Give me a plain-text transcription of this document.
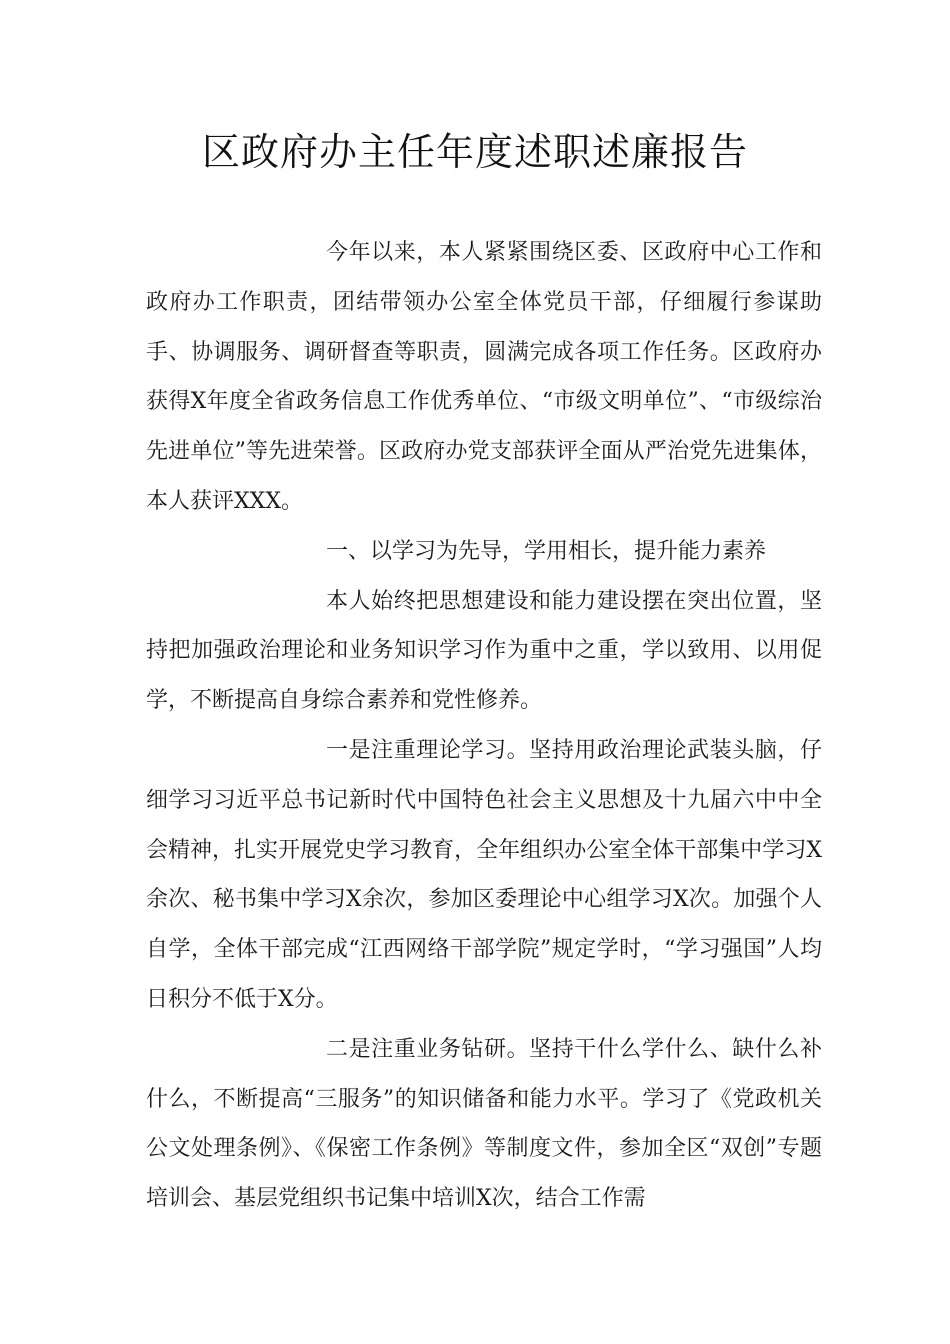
区政府办主任年度述职述廉报告

今年以来，本人紧紧围绕区委、区政府中心工作和政府办工作职责，团结带领办公室全体党员干部，仔细履行参谋助手、协调服务、调研督查等职责，圆满完成各项工作任务。区政府办获得X年度全省政务信息工作优秀单位、“市级文明单位”、“市级综治先进单位”等先进荣誉。区政府办党支部获评全面从严治党先进集体，本人获评XXX。

一、以学习为先导，学用相长，提升能力素养

本人始终把思想建设和能力建设摆在突出位置，坚持把加强政治理论和业务知识学习作为重中之重，学以致用、以用促学，不断提高自身综合素养和党性修养。

一是注重理论学习。坚持用政治理论武装头脑，仔细学习习近平总书记新时代中国特色社会主义思想及十九届六中中全会精神，扎实开展党史学习教育，全年组织办公室全体干部集中学习X余次、秘书集中学习X余次，参加区委理论中心组学习X次。加强个人自学，全体干部完成“江西网络干部学院”规定学时，“学习强国”人均日积分不低于X分。

二是注重业务钻研。坚持干什么学什么、缺什么补什么，不断提高“三服务”的知识储备和能力水平。学习了《党政机关公文处理条例》、《保密工作条例》等制度文件，参加全区“双创”专题培训会、基层党组织书记集中培训X次，结合工作需
